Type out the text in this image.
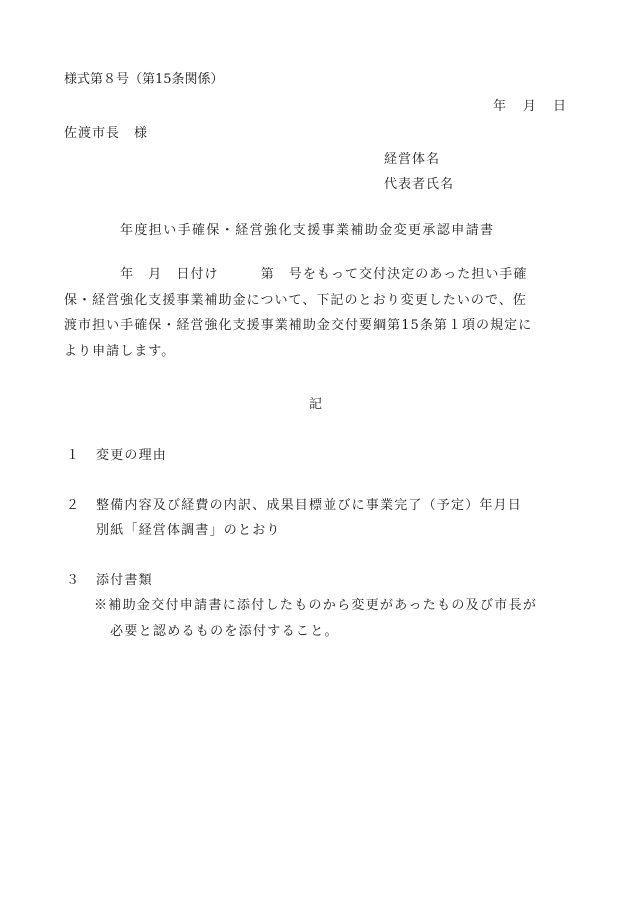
様式第８号（第15条関係）
年　月　日
佐渡市長　様
経営体名
代表者氏名
年度担い手確保・経営強化支援事業補助金変更承認申請書
　　　　年　月　日付け　　　第　号をもって交付決定のあった担い手確
保・経営強化支援事業補助金について、下記のとおり変更したいので、佐
渡市担い手確保・経営強化支援事業補助金交付要綱第15条第１項の規定に
より申請します。
記
１ 変更の理由
２ 整備内容及び経費の内訳、成果目標並びに事業完了（予定）年月日
別紙「経営体調書」のとおり
３ 添付書類
※補助金交付申請書に添付したものから変更があったもの及び市長が
必要と認めるものを添付すること。
